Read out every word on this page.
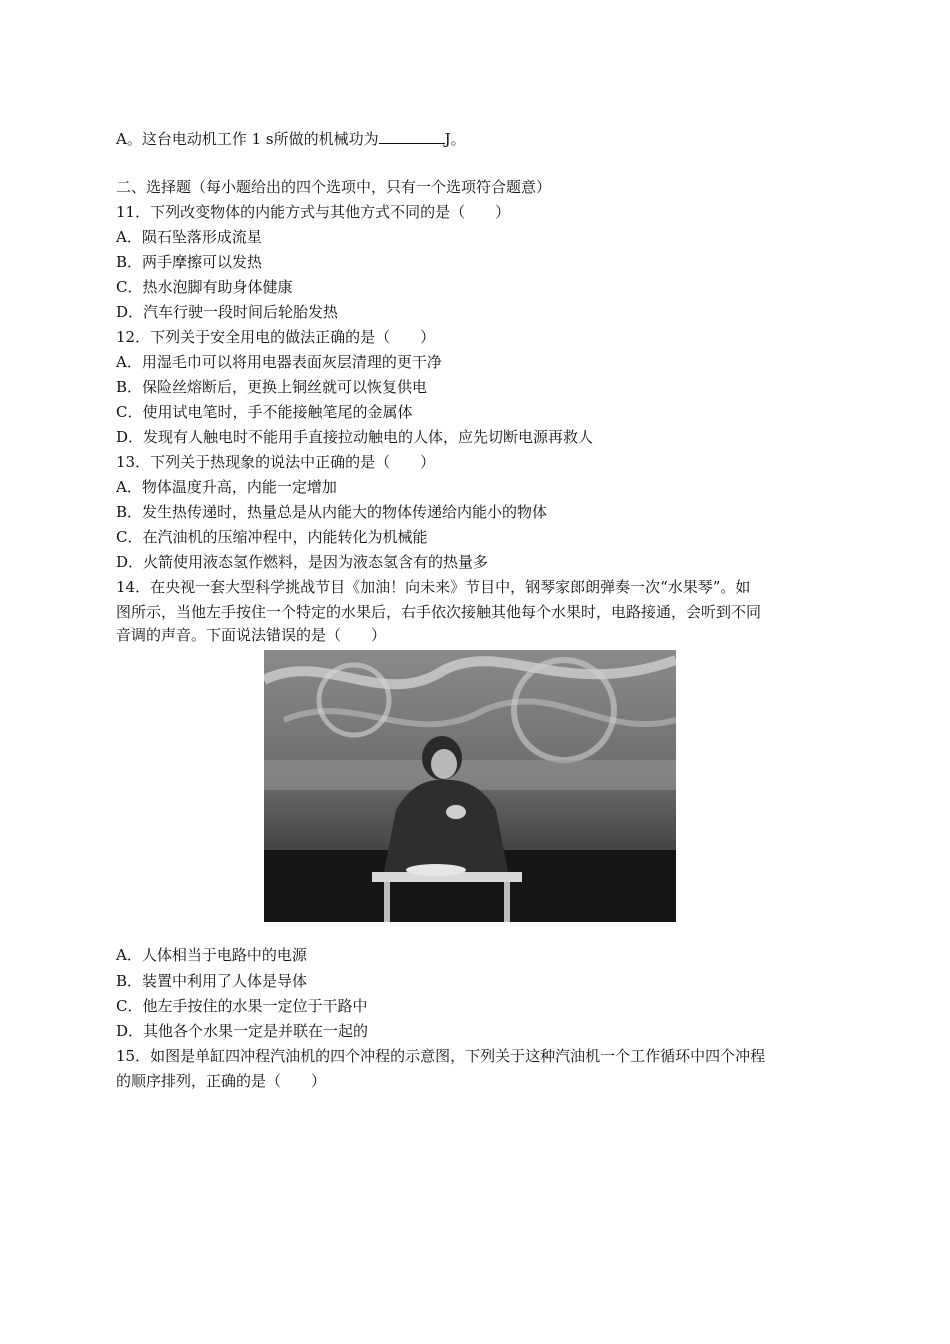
A。这台电动机工作 1 s所做的机械功为	J。
二、选择题（每小题给出的四个选项中，只有一个选项符合题意）
11．下列改变物体的内能方式与其他方式不同的是（　　）
A．陨石坠落形成流星
B．两手摩擦可以发热
C．热水泡脚有助身体健康
D．汽车行驶一段时间后轮胎发热
12．下列关于安全用电的做法正确的是（　　）
A．用湿毛巾可以将用电器表面灰层清理的更干净
B．保险丝熔断后，更换上铜丝就可以恢复供电
C．使用试电笔时，手不能接触笔尾的金属体
D．发现有人触电时不能用手直接拉动触电的人体，应先切断电源再救人
13．下列关于热现象的说法中正确的是（　　）
A．物体温度升高，内能一定增加
B．发生热传递时，热量总是从内能大的物体传递给内能小的物体
C．在汽油机的压缩冲程中，内能转化为机械能
D．火箭使用液态氢作燃料，是因为液态氢含有的热量多
14．在央视一套大型科学挑战节目《加油！向未来》节目中，钢琴家郎朗弹奏一次“水果琴”。如
图所示，当他左手按住一个特定的水果后，右手依次接触其他每个水果时，电路接通，会听到不同
音调的声音。下面说法错误的是（　　）
A．人体相当于电路中的电源
B．装置中利用了人体是导体
C．他左手按住的水果一定位于干路中
D．其他各个水果一定是并联在一起的
15．如图是单缸四冲程汽油机的四个冲程的示意图，下列关于这种汽油机一个工作循环中四个冲程
的顺序排列，正确的是（　　）
